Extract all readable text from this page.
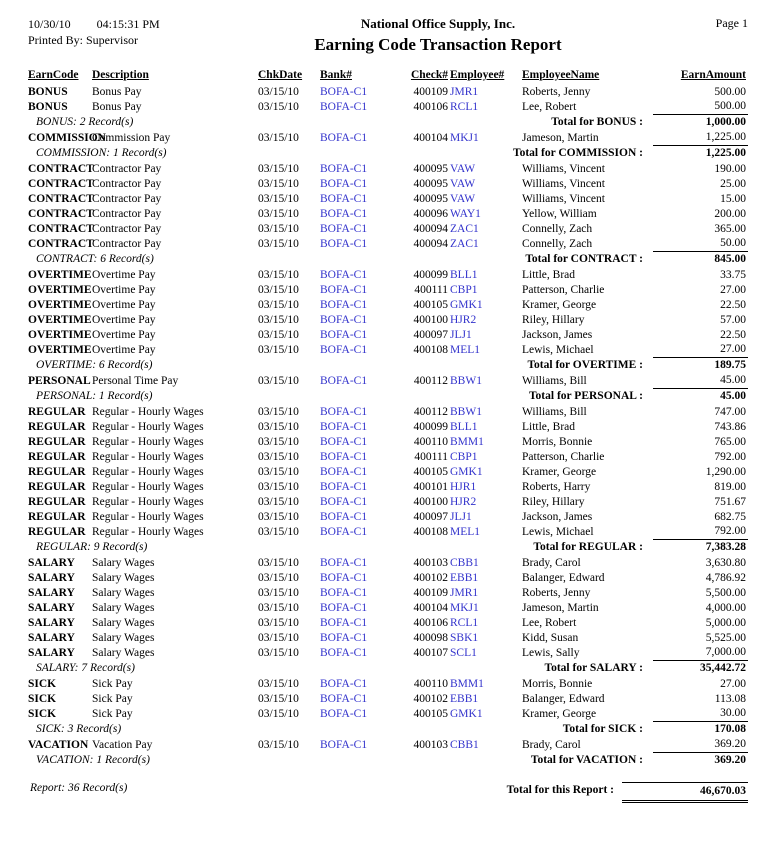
10/30/10 04:15:31 PM
Printed By: Supervisor
National Office Supply, Inc.
Earning Code Transaction Report
Page 1
EarnCode	Description	ChkDate	Bank#	Check#	Employee#	EmployeeName	EarnAmount
BONUS	Bonus Pay	03/15/10	BOFA-C1	400109	JMR1	Roberts, Jenny	500.00
BONUS	Bonus Pay	03/15/10	BOFA-C1	400106	RCL1	Lee, Robert	500.00
BONUS: 2 Record(s)		Total for BONUS :					1,000.00
COMMISSION	Commission Pay	03/15/10	BOFA-C1	400104	MKJ1	Jameson, Martin	1,225.00
COMMISSION: 1 Record(s)		Total for COMMISSION :					1,225.00
CONTRACT	Contractor Pay	03/15/10	BOFA-C1	400095	VAW	Williams, Vincent	190.00
CONTRACT	Contractor Pay	03/15/10	BOFA-C1	400095	VAW	Williams, Vincent	25.00
CONTRACT	Contractor Pay	03/15/10	BOFA-C1	400095	VAW	Williams, Vincent	15.00
CONTRACT	Contractor Pay	03/15/10	BOFA-C1	400096	WAY1	Yellow, William	200.00
CONTRACT	Contractor Pay	03/15/10	BOFA-C1	400094	ZAC1	Connelly, Zach	365.00
CONTRACT	Contractor Pay	03/15/10	BOFA-C1	400094	ZAC1	Connelly, Zach	50.00
CONTRACT: 6 Record(s)		Total for CONTRACT :					845.00
OVERTIME	Overtime Pay	03/15/10	BOFA-C1	400099	BLL1	Little, Brad	33.75
OVERTIME	Overtime Pay	03/15/10	BOFA-C1	400111	CBP1	Patterson, Charlie	27.00
OVERTIME	Overtime Pay	03/15/10	BOFA-C1	400105	GMK1	Kramer, George	22.50
OVERTIME	Overtime Pay	03/15/10	BOFA-C1	400100	HJR2	Riley, Hillary	57.00
OVERTIME	Overtime Pay	03/15/10	BOFA-C1	400097	JLJ1	Jackson, James	22.50
OVERTIME	Overtime Pay	03/15/10	BOFA-C1	400108	MEL1	Lewis, Michael	27.00
OVERTIME: 6 Record(s)		Total for OVERTIME :					189.75
PERSONAL	Personal Time Pay	03/15/10	BOFA-C1	400112	BBW1	Williams, Bill	45.00
PERSONAL: 1 Record(s)		Total for PERSONAL :					45.00
REGULAR	Regular - Hourly Wages	03/15/10	BOFA-C1	400112	BBW1	Williams, Bill	747.00
REGULAR	Regular - Hourly Wages	03/15/10	BOFA-C1	400099	BLL1	Little, Brad	743.86
REGULAR	Regular - Hourly Wages	03/15/10	BOFA-C1	400110	BMM1	Morris, Bonnie	765.00
REGULAR	Regular - Hourly Wages	03/15/10	BOFA-C1	400111	CBP1	Patterson, Charlie	792.00
REGULAR	Regular - Hourly Wages	03/15/10	BOFA-C1	400105	GMK1	Kramer, George	1,290.00
REGULAR	Regular - Hourly Wages	03/15/10	BOFA-C1	400101	HJR1	Roberts, Harry	819.00
REGULAR	Regular - Hourly Wages	03/15/10	BOFA-C1	400100	HJR2	Riley, Hillary	751.67
REGULAR	Regular - Hourly Wages	03/15/10	BOFA-C1	400097	JLJ1	Jackson, James	682.75
REGULAR	Regular - Hourly Wages	03/15/10	BOFA-C1	400108	MEL1	Lewis, Michael	792.00
REGULAR: 9 Record(s)		Total for REGULAR :					7,383.28
SALARY	Salary Wages	03/15/10	BOFA-C1	400103	CBB1	Brady, Carol	3,630.80
SALARY	Salary Wages	03/15/10	BOFA-C1	400102	EBB1	Balanger, Edward	4,786.92
SALARY	Salary Wages	03/15/10	BOFA-C1	400109	JMR1	Roberts, Jenny	5,500.00
SALARY	Salary Wages	03/15/10	BOFA-C1	400104	MKJ1	Jameson, Martin	4,000.00
SALARY	Salary Wages	03/15/10	BOFA-C1	400106	RCL1	Lee, Robert	5,000.00
SALARY	Salary Wages	03/15/10	BOFA-C1	400098	SBK1	Kidd, Susan	5,525.00
SALARY	Salary Wages	03/15/10	BOFA-C1	400107	SCL1	Lewis, Sally	7,000.00
SALARY: 7 Record(s)		Total for SALARY :					35,442.72
SICK	Sick Pay	03/15/10	BOFA-C1	400110	BMM1	Morris, Bonnie	27.00
SICK	Sick Pay	03/15/10	BOFA-C1	400102	EBB1	Balanger, Edward	113.08
SICK	Sick Pay	03/15/10	BOFA-C1	400105	GMK1	Kramer, George	30.00
SICK: 3 Record(s)		Total for SICK :					170.08
VACATION	Vacation Pay	03/15/10	BOFA-C1	400103	CBB1	Brady, Carol	369.20
VACATION: 1 Record(s)		Total for VACATION :					369.20
Report: 36 Record(s)	Total for this Report :	46,670.03
